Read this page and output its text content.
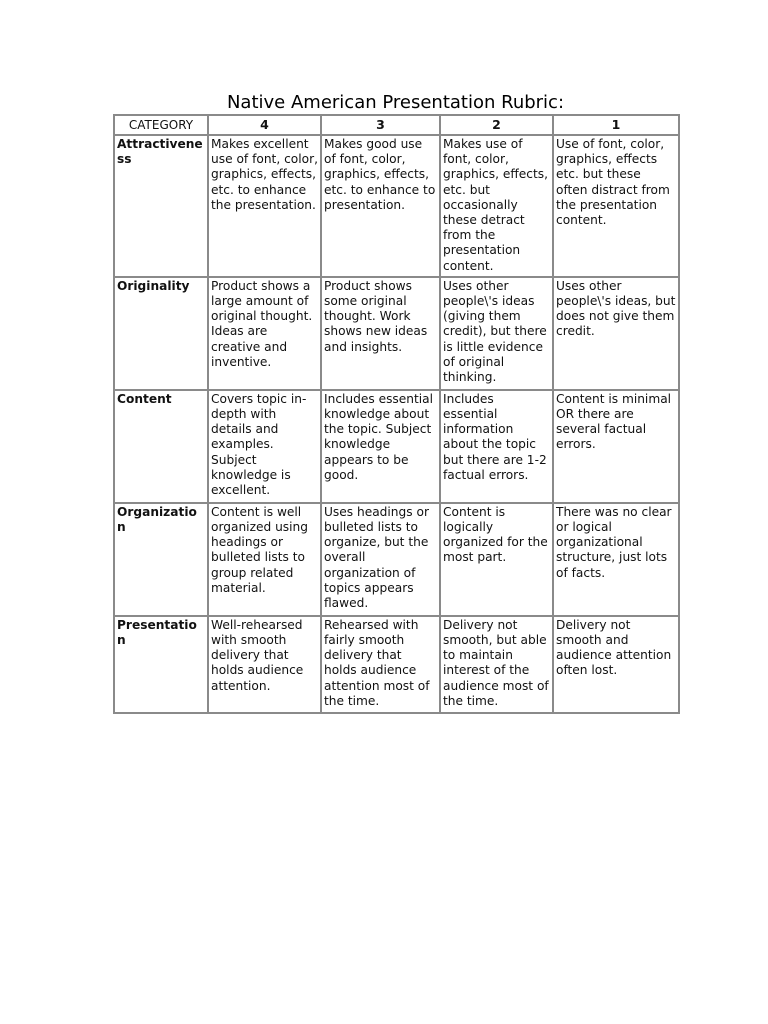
Native American Presentation Rubric:
CATEGORY	4	3	2	1
Attractiveness	Makes excellent use of font, color, graphics, effects, etc. to enhance the presentation.	Makes good use of font, color, graphics, effects, etc. to enhance to presentation.	Makes use of font, color, graphics, effects, etc. but occasionally these detract from the presentation content.	Use of font, color, graphics, effects etc. but these often distract from the presentation content.
Originality	Product shows a large amount of original thought. Ideas are creative and inventive.	Product shows some original thought. Work shows new ideas and insights.	Uses other people\'s ideas (giving them credit), but there is little evidence of original thinking.	Uses other people\'s ideas, but does not give them credit.
Content	Covers topic in-depth with details and examples. Subject knowledge is excellent.	Includes essential knowledge about the topic. Subject knowledge appears to be good.	Includes essential information about the topic but there are 1-2 factual errors.	Content is minimal OR there are several factual errors.
Organization	Content is well organized using headings or bulleted lists to group related material.	Uses headings or bulleted lists to organize, but the overall organization of topics appears flawed.	Content is logically organized for the most part.	There was no clear or logical organizational structure, just lots of facts.
Presentation	Well-rehearsed with smooth delivery that holds audience attention.	Rehearsed with fairly smooth delivery that holds audience attention most of the time.	Delivery not smooth, but able to maintain interest of the audience most of the time.	Delivery not smooth and audience attention often lost.
